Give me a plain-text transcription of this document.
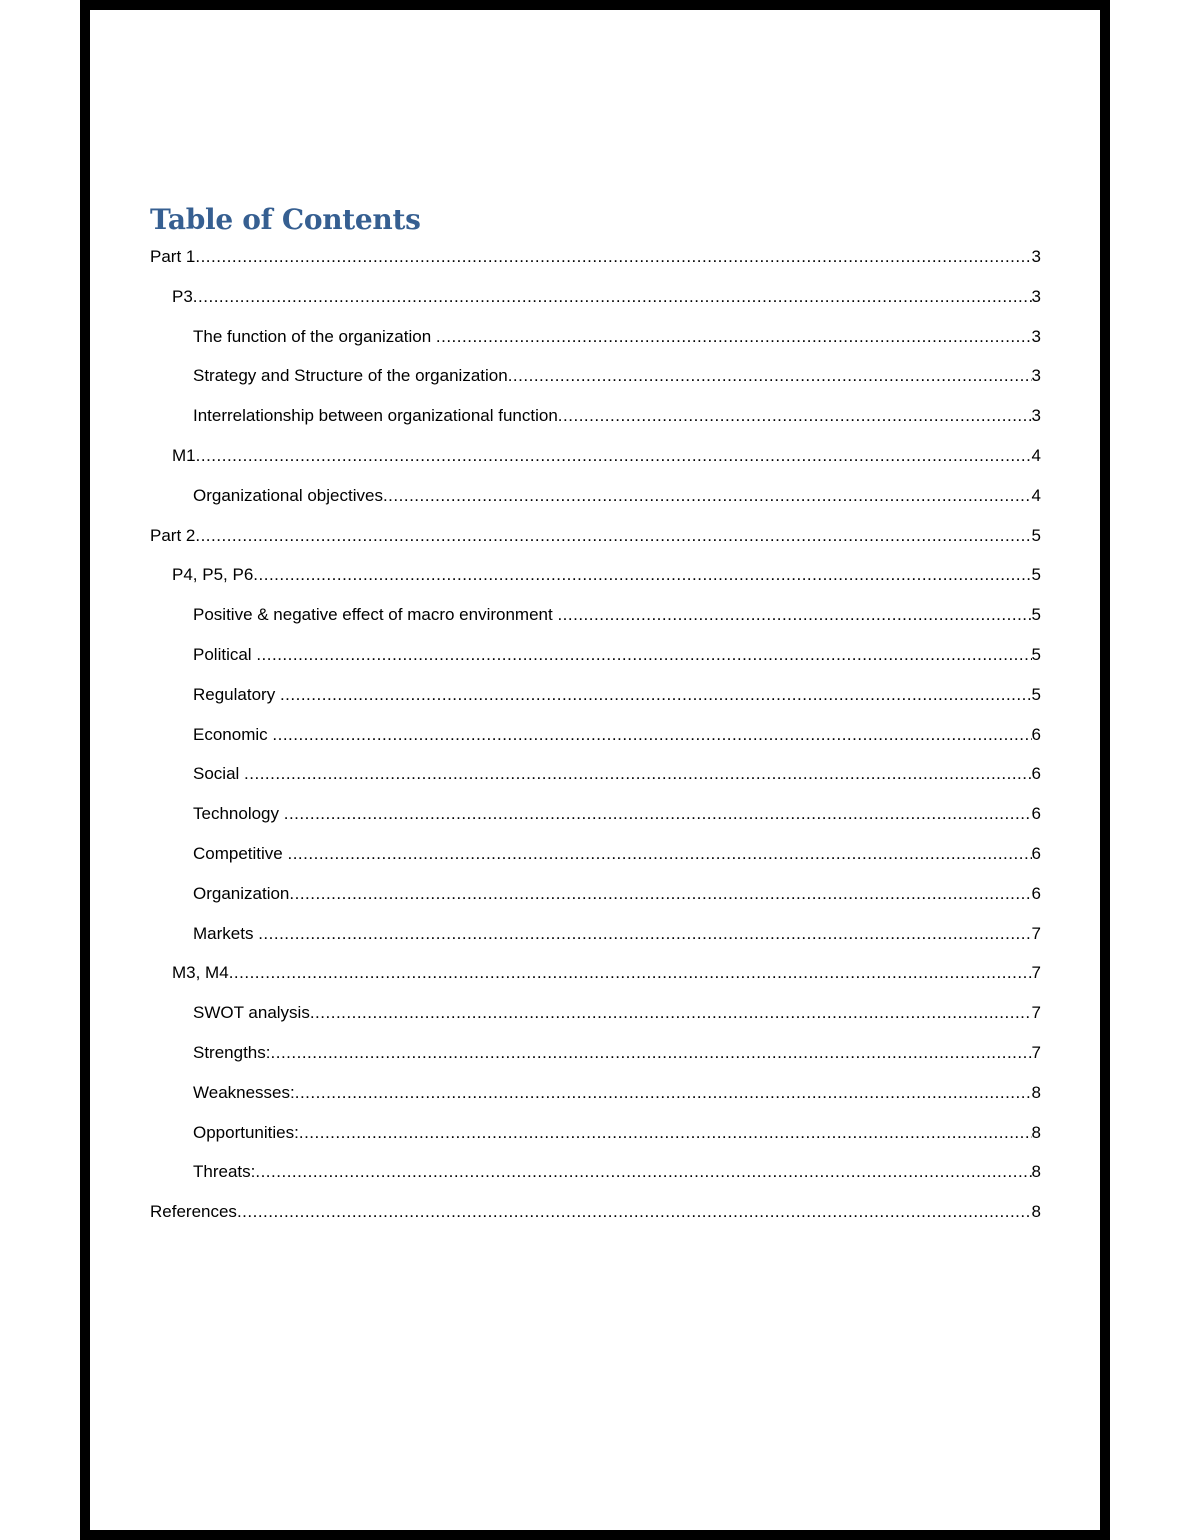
Table of Contents
Part 1 .....	3
P3 .....	3
The function of the organization .....	3
Strategy and Structure of the organization .....	3
Interrelationship between organizational function .....	3
M1 .....	4
Organizational objectives .....	4
Part 2 .....	5
P4, P5, P6 .....	5
Positive & negative effect of macro environment .....	5
Political .....	5
Regulatory .....	5
Economic .....	6
Social .....	6
Technology .....	6
Competitive .....	6
Organization .....	6
Markets .....	7
M3, M4 .....	7
SWOT analysis .....	7
Strengths: .....	7
Weaknesses: .....	8
Opportunities: .....	8
Threats: .....	8
References .....	8
